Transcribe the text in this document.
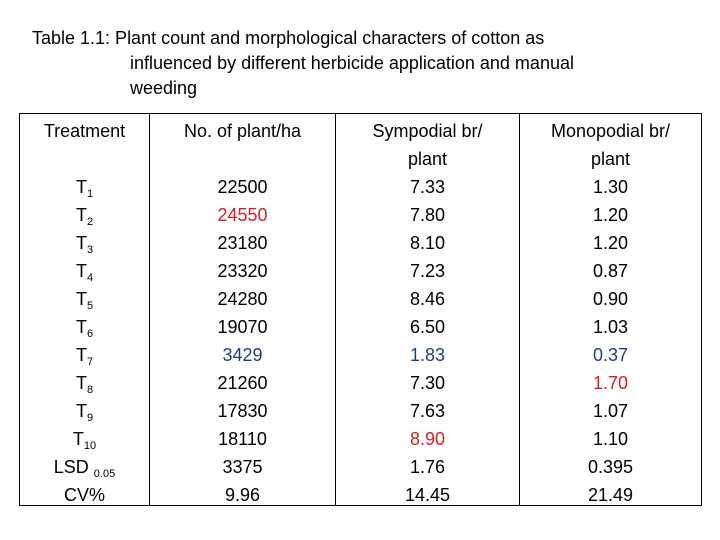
Table 1.1: Plant count and morphological characters of cotton as
influenced by different herbicide application and manual
weeding
Treatment
$T_1$
$T_2$
$T_3$
$T_4$
$T_5$
$T_6$
$T_7$
$T_8$
$T_9$
$T_{10}$
LSD $_{0.05}$
CV%
No. of plant/ha
22500
24550
23180
23320
24280
19070
3429
21260
17830
18110
3375
9.96
Sympodial br/
plant
7.33
7.80
8.10
7.23
8.46
6.50
1.83
7.30
7.63
8.90
1.76
14.45
Monopodial br/
plant
1.30
1.20
1.20
0.87
0.90
1.03
0.37
1.70
1.07
1.10
0.395
21.49
